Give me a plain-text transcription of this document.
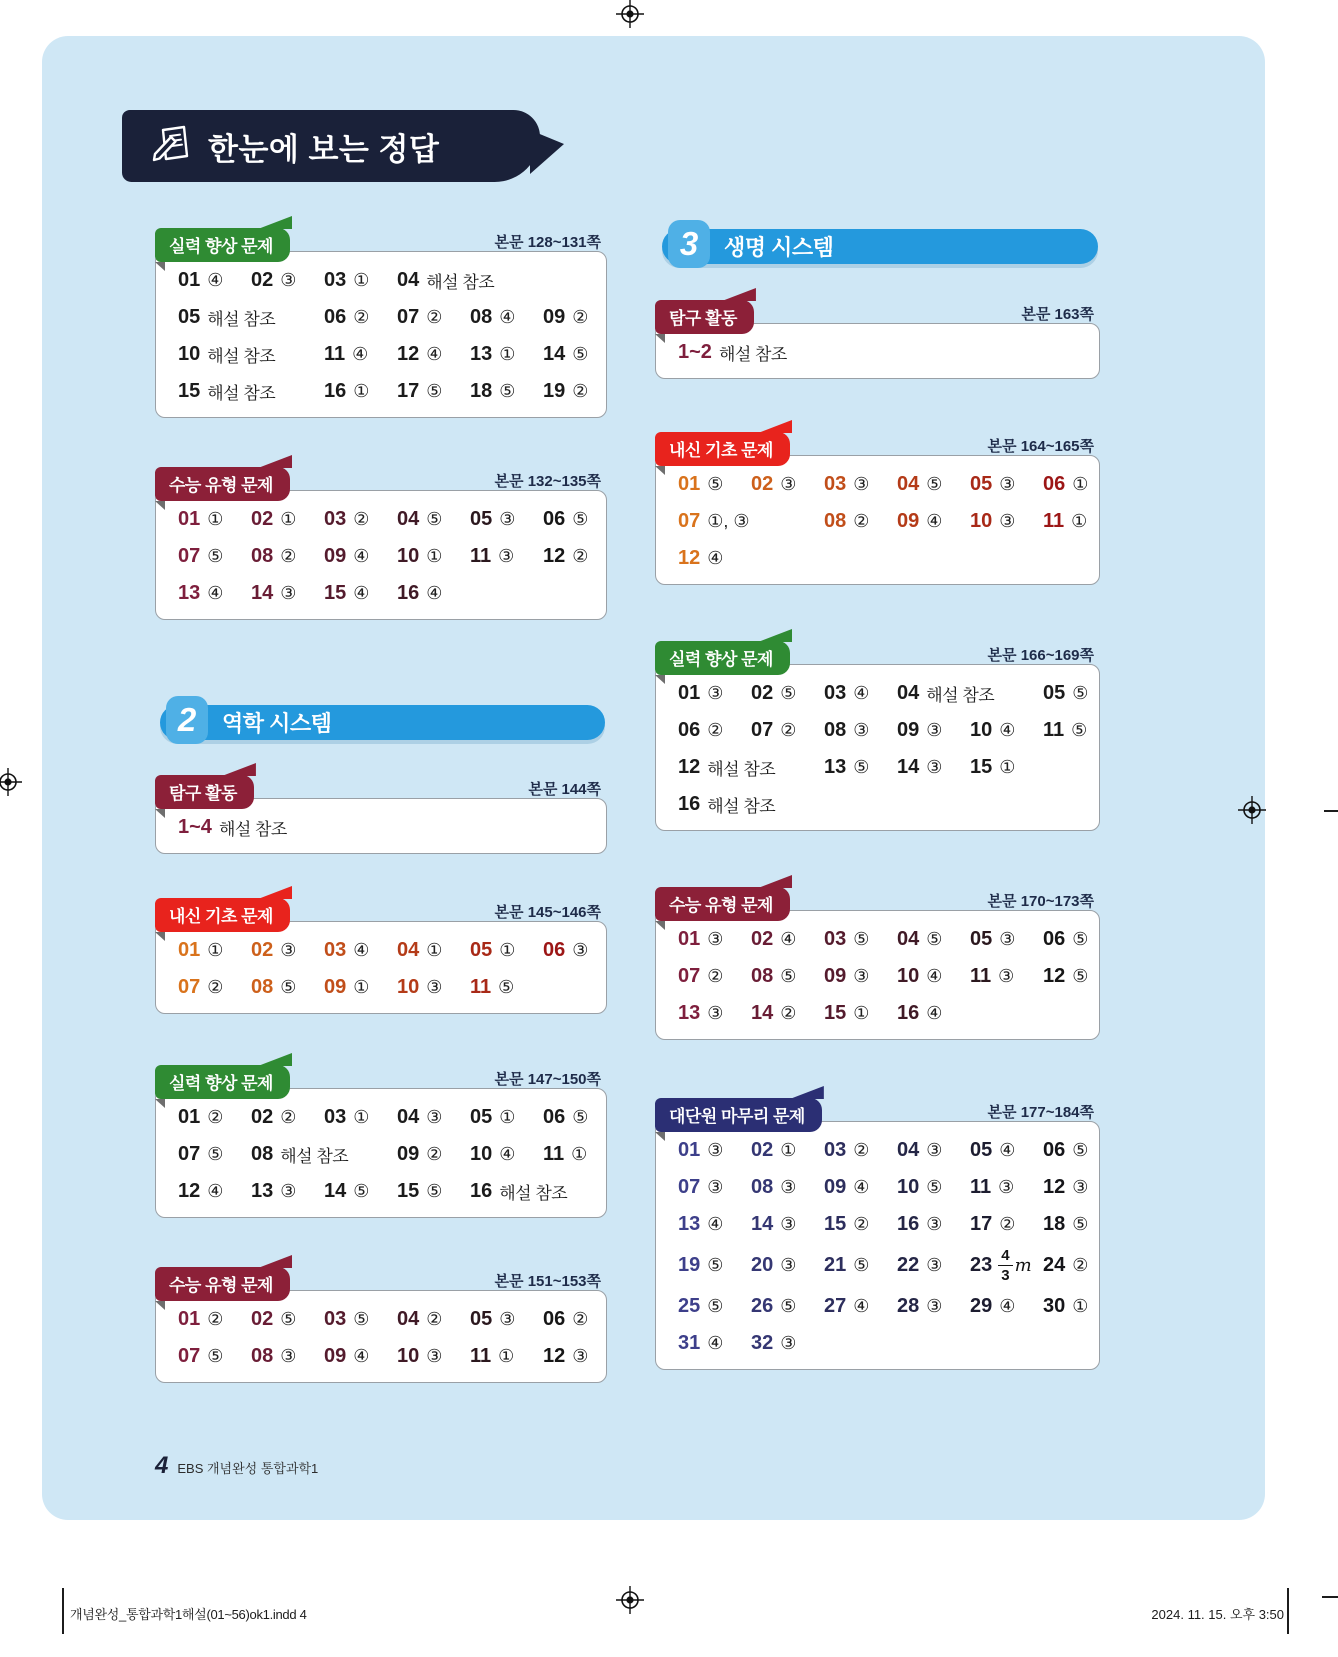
한눈에 보는 정답
실력 향상 문제	본문 128~131쪽
01 ④ 02 ③ 03 ① 04 해설 참조
05 해설 참조 06 ② 07 ② 08 ④ 09 ②
10 해설 참조 11 ④ 12 ④ 13 ① 14 ⑤
15 해설 참조 16 ① 17 ⑤ 18 ⑤ 19 ②
수능 유형 문제	본문 132~135쪽
01 ① 02 ① 03 ② 04 ⑤ 05 ③ 06 ⑤
07 ⑤ 08 ② 09 ④ 10 ① 11 ③ 12 ②
13 ④ 14 ③ 15 ④ 16 ④
2	역학 시스템
탐구 활동	본문 144쪽
1~4 해설 참조
내신 기초 문제	본문 145~146쪽
01 ① 02 ③ 03 ④ 04 ① 05 ① 06 ③
07 ② 08 ⑤ 09 ① 10 ③ 11 ⑤
실력 향상 문제	본문 147~150쪽
01 ② 02 ② 03 ① 04 ③ 05 ① 06 ⑤
07 ⑤ 08 해설 참조 09 ② 10 ④ 11 ①
12 ④ 13 ③ 14 ⑤ 15 ⑤ 16 해설 참조
수능 유형 문제	본문 151~153쪽
01 ② 02 ⑤ 03 ⑤ 04 ② 05 ③ 06 ②
07 ⑤ 08 ③ 09 ④ 10 ③ 11 ① 12 ③
3	생명 시스템
탐구 활동	본문 163쪽
1~2 해설 참조
내신 기초 문제	본문 164~165쪽
01 ⑤ 02 ③ 03 ③ 04 ⑤ 05 ③ 06 ①
07 ①, ③	08 ② 09 ④ 10 ③ 11 ①
12 ④
실력 향상 문제	본문 166~169쪽
01 ③ 02 ⑤ 03 ④ 04 해설 참조 05 ⑤
06 ② 07 ② 08 ③ 09 ③ 10 ④ 11 ⑤
12 해설 참조 13 ⑤ 14 ③ 15 ①
16 해설 참조
수능 유형 문제	본문 170~173쪽
01 ③ 02 ④ 03 ⑤ 04 ⑤ 05 ③ 06 ⑤
07 ② 08 ⑤ 09 ③ 10 ④ 11 ③ 12 ⑤
13 ③ 14 ② 15 ① 16 ④
대단원 마무리 문제	본문 177~184쪽
01 ③ 02 ① 03 ② 04 ③ 05 ④ 06 ⑤
07 ③ 08 ③ 09 ④ 10 ⑤ 11 ③ 12 ③
13 ④ 14 ③ 15 ② 16 ③ 17 ② 18 ⑤
19 ⑤ 20 ③ 21 ⑤ 22 ③ $23 \frac{4}{3}$ m 24 ②
25 ⑤ 26 ⑤ 27 ④ 28 ③ 29 ④ 30 ①
31 ④ 32 ③
4 EBS 개념완성 통합과학1
개념완성_통합과학1해설(01~56)ok1.indd 4	2024. 11. 15. 오후 3:50
